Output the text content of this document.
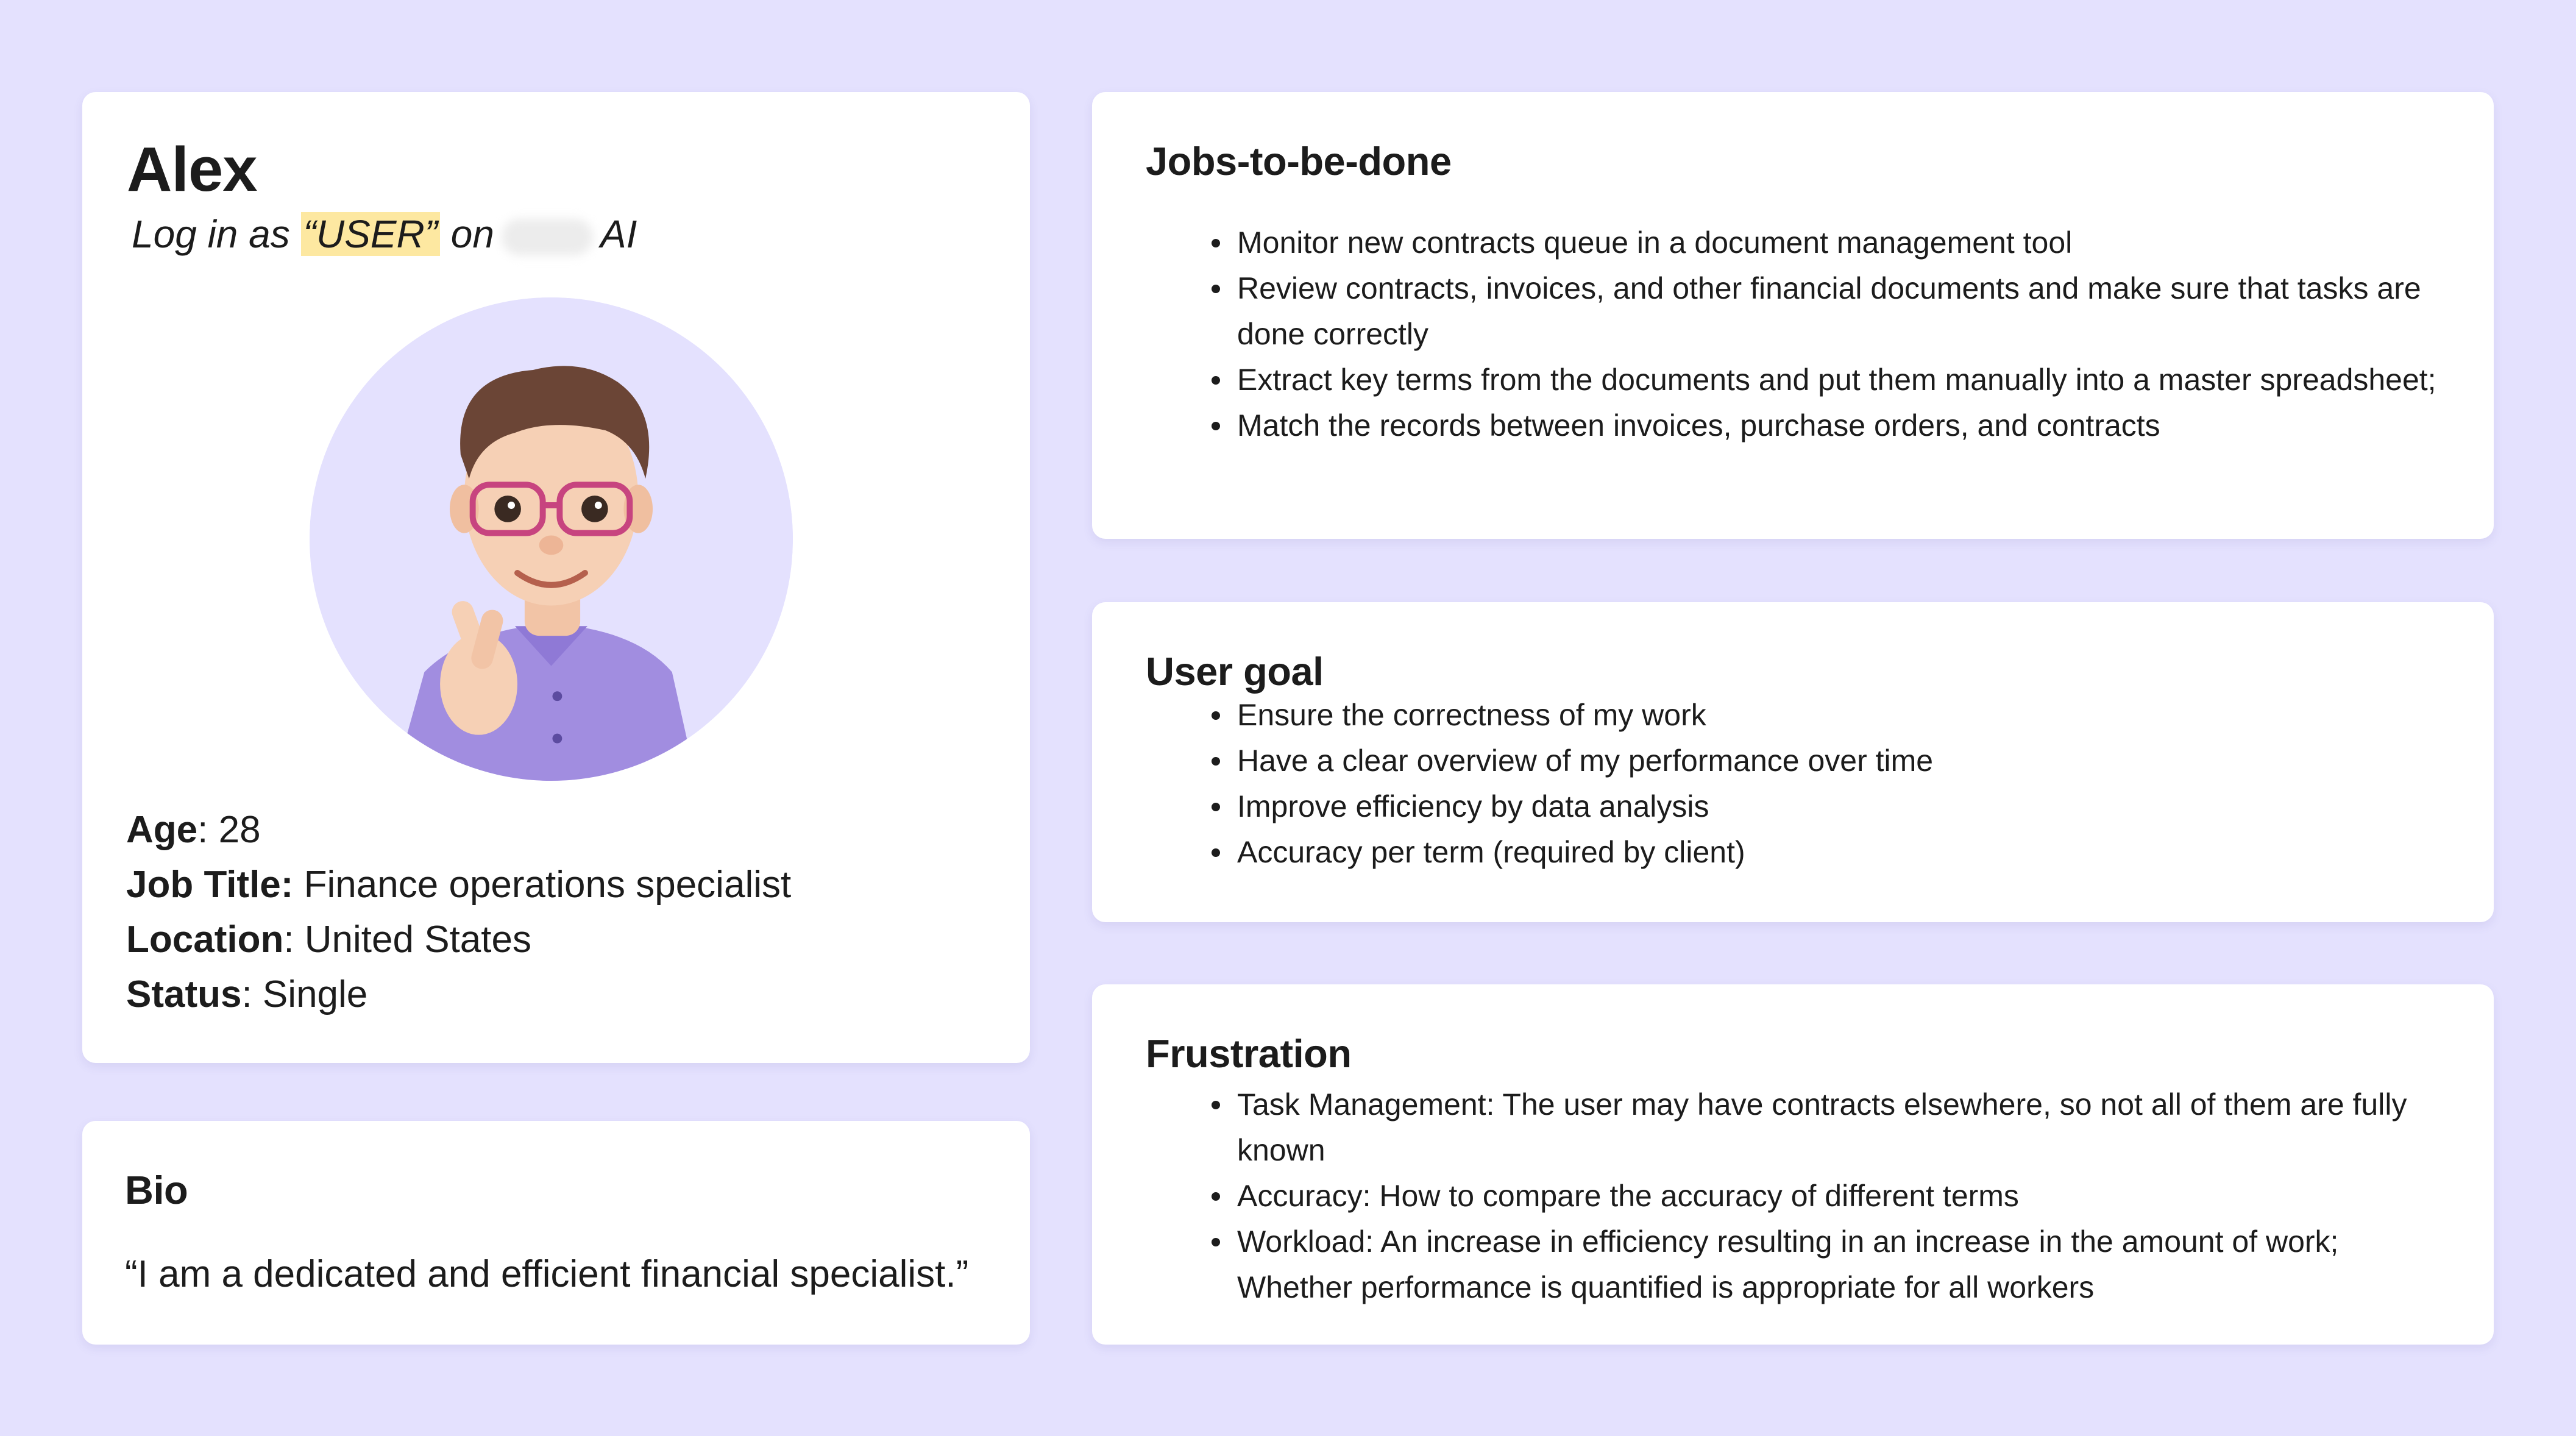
Alex

Log in as “USER” on	AI

Age: 28
Job Title: Finance operations specialist
Location: United States
Status: Single
Bio

“I am a dedicated and efficient financial specialist.”

Jobs-to-be-done
Monitor new contracts queue in a document management tool
Review contracts, invoices, and other financial documents and make sure that tasks are done correctly
Extract key terms from the documents and put them manually into a master spreadsheet;
Match the records between invoices, purchase orders, and contracts
User goal
Ensure the correctness of my work
Have a clear overview of my performance over time
Improve efficiency by data analysis
Accuracy per term (required by client)
Frustration
Task Management: The user may have contracts elsewhere, so not all of them are fully known
Accuracy: How to compare the accuracy of different terms
Workload: An increase in efficiency resulting in an increase in the amount of work; Whether performance is quantified is appropriate for all workers
